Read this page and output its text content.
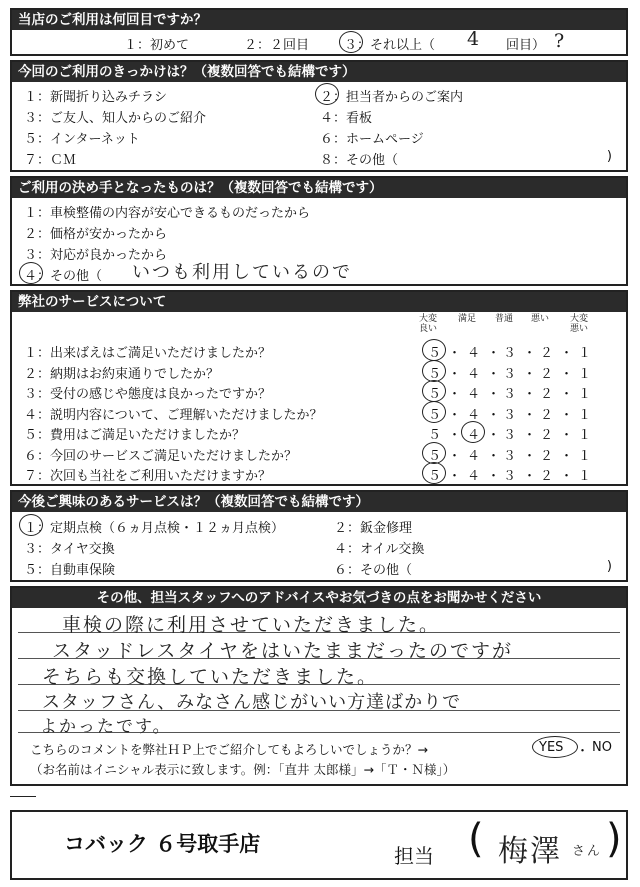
当店のご利用は何回目ですか？
１：初めて	２：２回目	３：それ以上（ 4 回目） ?
今回のご利用のきっかけは？（複数回答でも結構です）
１：新聞折り込みチラシ	２：担当者からのご案内
３：ご友人、知人からのご紹介	４：看板
５：インターネット	６：ホームページ
７：ＣＭ	８：その他（	)
ご利用の決め手となったものは？（複数回答でも結構です）
１：車検整備の内容が安心できるものだったから
２：価格が安かったから
３：対応が良かったから
４：その他（ いつも利用しているので
弊社のサービスについて
大変良い
満足	普通	悪い	大変悪い
１：出来ばえはご満足いただけましたか？	５ ・ ４ ・ ３ ・ ２ ・ １
２：納期はお約束通りでしたか？	５ ・ ４ ・ ３ ・ ２ ・ １
３：受付の感じや態度は良かったですか？	５ ・ ４ ・ ３ ・ ２ ・ １
４：説明内容について、ご理解いただけましたか？	５ ・ ４ ・ ３ ・ ２ ・ １
５：費用はご満足いただけましたか？	５ ・ ４ ・ ３ ・ ２ ・ １
６：今回のサービスご満足いただけましたか？	５ ・ ４ ・ ３ ・ ２ ・ １
７：次回も当社をご利用いただけますか？	５ ・ ４ ・ ３ ・ ２ ・ １
今後ご興味のあるサービスは？（複数回答でも結構です）
１：定期点検（６ヵ月点検・１２ヵ月点検）	２：鈑金修理
３：タイヤ交換	４：オイル交換
５：自動車保険	６：その他（	)
その他、担当スタッフへのアドバイスやお気づきの点をお聞かせください
車検の際に利用させていただきました。
スタッドレスタイヤをはいたままだったのですが
そちらも交換していただきました。
スタッフさん、みなさん感じがいい方達ばかりで
よかったです。
こちらのコメントを弊社ＨＰ上でご紹介してもよろしいでしょうか？→	YES ・ NO
（お名前はイニシャル表示に致します。例：「直井 太郎様」→「Ｔ・Ｎ様」）
コバック ６号取手店	担当 ( 梅澤 さん )
